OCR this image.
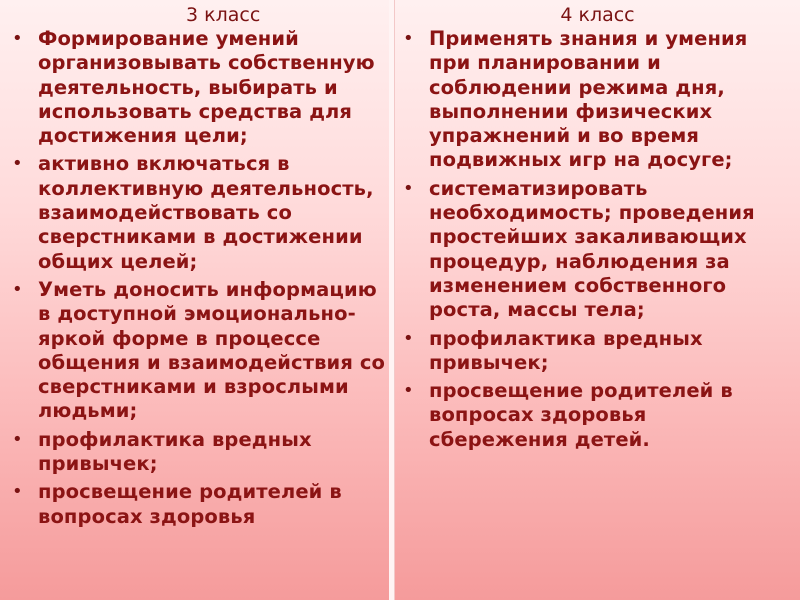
3 класс
• Формирование умений организовывать собственную деятельность, выбирать и использовать средства для достижения цели;
• активно включаться в коллективную деятельность, взаимодействовать со сверстниками в достижении общих целей;
• Уметь доносить информацию в доступной эмоционально-яркой форме в процессе общения и взаимодействия со сверстниками и взрослыми людьми;
• профилактика вредных привычек;
• просвещение родителей в вопросах здоровья
4 класс
• Применять знания и умения при планировании и соблюдении режима дня, выполнении физических упражнений и во время подвижных игр на досуге;
• систематизировать необходимость; проведения простейших закаливающих процедур, наблюдения за изменением собственного роста, массы тела;
• профилактика вредных привычек;
• просвещение родителей в вопросах здоровья сбережения детей.
